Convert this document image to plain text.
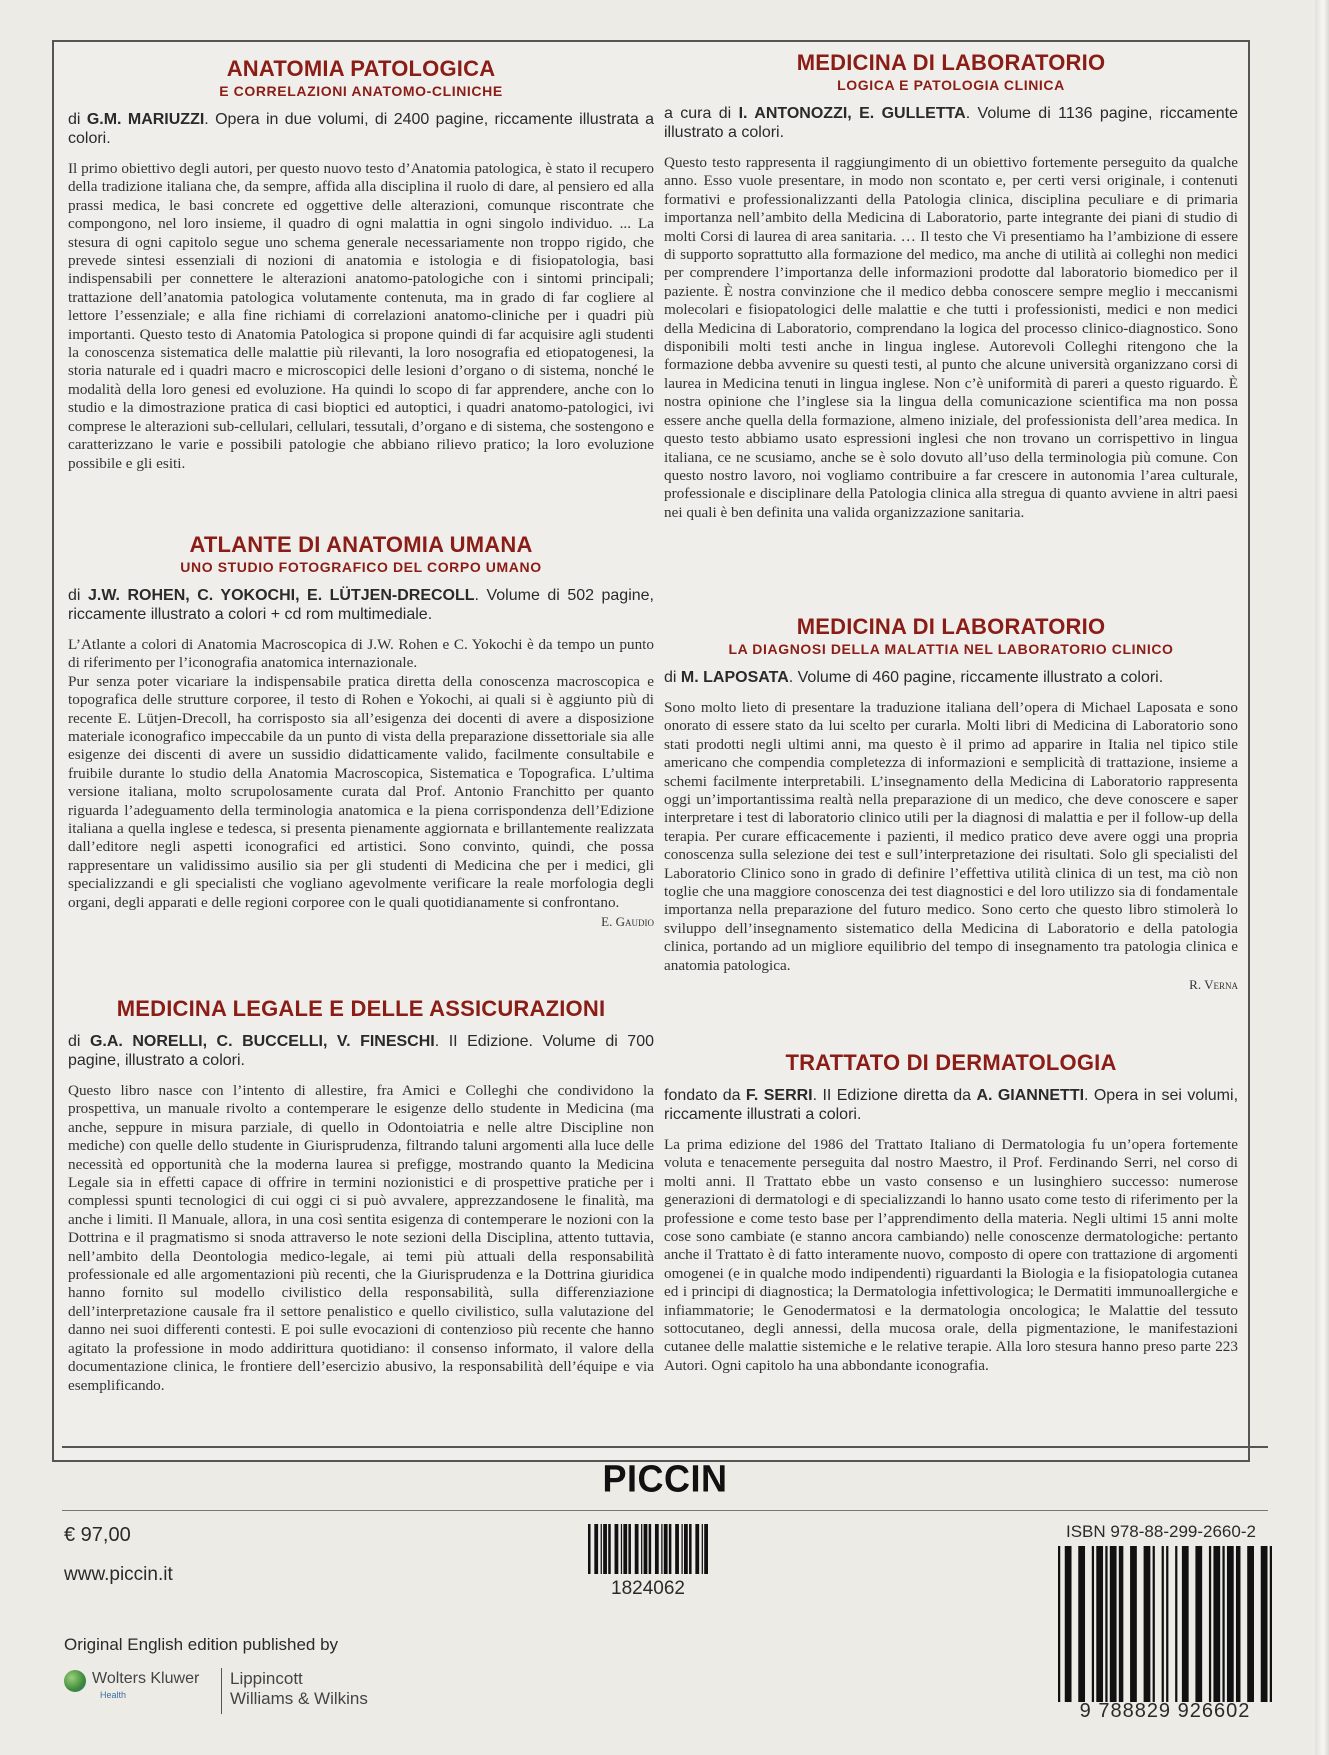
ANATOMIA PATOLOGICA
E CORRELAZIONI ANATOMO-CLINICHE
di G.M. MARIUZZI. Opera in due volumi, di 2400 pagine, riccamente illustrata a colori.
Il primo obiettivo degli autori, per questo nuovo testo d’Anatomia patologica, è stato il recupero della tradizione italiana che, da sempre, affida alla disciplina il ruolo di dare, al pensiero ed alla prassi medica, le basi concrete ed oggettive delle alterazioni, comunque riscontrate che compongono, nel loro insieme, il quadro di ogni malattia in ogni singolo individuo. ... La stesura di ogni capitolo segue uno schema generale necessariamente non troppo rigido, che prevede sintesi essenziali di nozioni di anatomia e istologia e di fisiopatologia, basi indispensabili per connettere le alterazioni anatomo-patologiche con i sintomi principali; trattazione dell’anatomia patologica volutamente contenuta, ma in grado di far cogliere al lettore l’essenziale; e alla fine richiami di correlazioni anatomo-cliniche per i quadri più importanti. Questo testo di Anatomia Patologica si propone quindi di far acquisire agli studenti la conoscenza sistematica delle malattie più rilevanti, la loro nosografia ed etiopatogenesi, la storia naturale ed i quadri macro e microscopici delle lesioni d’organo o di sistema, nonché le modalità della loro genesi ed evoluzione. Ha quindi lo scopo di far apprendere, anche con lo studio e la dimostrazione pratica di casi bioptici ed autoptici, i quadri anatomo-patologici, ivi comprese le alterazioni sub-cellulari, cellulari, tessutali, d’organo e di sistema, che sostengono e caratterizzano le varie e possibili patologie che abbiano rilievo pratico; la loro evoluzione possibile e gli esiti.
ATLANTE DI ANATOMIA UMANA
UNO STUDIO FOTOGRAFICO DEL CORPO UMANO
di J.W. ROHEN, C. YOKOCHI, E. LÜTJEN-DRECOLL. Volume di 502 pagine, riccamente illustrato a colori + cd rom multimediale.
L’Atlante a colori di Anatomia Macroscopica di J.W. Rohen e C. Yokochi è da tempo un punto di riferimento per l’iconografia anatomica internazionale.
Pur senza poter vicariare la indispensabile pratica diretta della conoscenza macroscopica e topografica delle strutture corporee, il testo di Rohen e Yokochi, ai quali si è aggiunto più di recente E. Lütjen-Drecoll, ha corrisposto sia all’esigenza dei docenti di avere a disposizione materiale iconografico impeccabile da un punto di vista della preparazione dissettoriale sia alle esigenze dei discenti di avere un sussidio didatticamente valido, facilmente consultabile e fruibile durante lo studio della Anatomia Macroscopica, Sistematica e Topografica. L’ultima versione italiana, molto scrupolosamente curata dal Prof. Antonio Franchitto per quanto riguarda l’adeguamento della terminologia anatomica e la piena corrispondenza dell’Edizione italiana a quella inglese e tedesca, si presenta pienamente aggiornata e brillantemente realizzata dall’editore negli aspetti iconografici ed artistici. Sono convinto, quindi, che possa rappresentare un validissimo ausilio sia per gli studenti di Medicina che per i medici, gli specializzandi e gli specialisti che vogliano agevolmente verificare la reale morfologia degli organi, degli apparati e delle regioni corporee con le quali quotidianamente si confrontano.
E. Gaudio
MEDICINA LEGALE E DELLE ASSICURAZIONI
di G.A. NORELLI, C. BUCCELLI, V. FINESCHI. II Edizione. Volume di 700 pagine, illustrato a colori.
Questo libro nasce con l’intento di allestire, fra Amici e Colleghi che condividono la prospettiva, un manuale rivolto a contemperare le esigenze dello studente in Medicina (ma anche, seppure in misura parziale, di quello in Odontoiatria e nelle altre Discipline non mediche) con quelle dello studente in Giurisprudenza, filtrando taluni argomenti alla luce delle necessità ed opportunità che la moderna laurea si prefigge, mostrando quanto la Medicina Legale sia in effetti capace di offrire in termini nozionistici e di prospettive pratiche per i complessi spunti tecnologici di cui oggi ci si può avvalere, apprezzandosene le finalità, ma anche i limiti. Il Manuale, allora, in una così sentita esigenza di contemperare le nozioni con la Dottrina e il pragmatismo si snoda attraverso le note sezioni della Disciplina, attento tuttavia, nell’ambito della Deontologia medico-legale, ai temi più attuali della responsabilità professionale ed alle argomentazioni più recenti, che la Giurisprudenza e la Dottrina giuridica hanno fornito sul modello civilistico della responsabilità, sulla differenziazione dell’interpretazione causale fra il settore penalistico e quello civilistico, sulla valutazione del danno nei suoi differenti contesti. E poi sulle evocazioni di contenzioso più recente che hanno agitato la professione in modo addirittura quotidiano: il consenso informato, il valore della documentazione clinica, le frontiere dell’esercizio abusivo, la responsabilità dell’équipe e via esemplificando.
MEDICINA DI LABORATORIO
LOGICA E PATOLOGIA CLINICA
a cura di I. ANTONOZZI, E. GULLETTA. Volume di 1136 pagine, riccamente illustrato a colori.
Questo testo rappresenta il raggiungimento di un obiettivo fortemente perseguito da qualche anno. Esso vuole presentare, in modo non scontato e, per certi versi originale, i contenuti formativi e professionalizzanti della Patologia clinica, disciplina peculiare e di primaria importanza nell’ambito della Medicina di Laboratorio, parte integrante dei piani di studio di molti Corsi di laurea di area sanitaria. … Il testo che Vi presentiamo ha l’ambizione di essere di supporto soprattutto alla formazione del medico, ma anche di utilità ai colleghi non medici per comprendere l’importanza delle informazioni prodotte dal laboratorio biomedico per il paziente. È nostra convinzione che il medico debba conoscere sempre meglio i meccanismi molecolari e fisiopatologici delle malattie e che tutti i professionisti, medici e non medici della Medicina di Laboratorio, comprendano la logica del processo clinico-diagnostico. Sono disponibili molti testi anche in lingua inglese. Autorevoli Colleghi ritengono che la formazione debba avvenire su questi testi, al punto che alcune università organizzano corsi di laurea in Medicina tenuti in lingua inglese. Non c’è uniformità di pareri a questo riguardo. È nostra opinione che l’inglese sia la lingua della comunicazione scientifica ma non possa essere anche quella della formazione, almeno iniziale, del professionista dell’area medica. In questo testo abbiamo usato espressioni inglesi che non trovano un corrispettivo in lingua italiana, ce ne scusiamo, anche se è solo dovuto all’uso della terminologia più comune. Con questo nostro lavoro, noi vogliamo contribuire a far crescere in autonomia l’area culturale, professionale e disciplinare della Patologia clinica alla stregua di quanto avviene in altri paesi nei quali è ben definita una valida organizzazione sanitaria.
MEDICINA DI LABORATORIO
LA DIAGNOSI DELLA MALATTIA NEL LABORATORIO CLINICO
di M. LAPOSATA. Volume di 460 pagine, riccamente illustrato a colori.
Sono molto lieto di presentare la traduzione italiana dell’opera di Michael Laposata e sono onorato di essere stato da lui scelto per curarla. Molti libri di Medicina di Laboratorio sono stati prodotti negli ultimi anni, ma questo è il primo ad apparire in Italia nel tipico stile americano che compendia completezza di informazioni e semplicità di trattazione, insieme a schemi facilmente interpretabili. L’insegnamento della Medicina di Laboratorio rappresenta oggi un’importantissima realtà nella preparazione di un medico, che deve conoscere e saper interpretare i test di laboratorio clinico utili per la diagnosi di malattia e per il follow-up della terapia. Per curare efficacemente i pazienti, il medico pratico deve avere oggi una propria conoscenza sulla selezione dei test e sull’interpretazione dei risultati. Solo gli specialisti del Laboratorio Clinico sono in grado di definire l’effettiva utilità clinica di un test, ma ciò non toglie che una maggiore conoscenza dei test diagnostici e del loro utilizzo sia di fondamentale importanza nella preparazione del futuro medico. Sono certo che questo libro stimolerà lo sviluppo dell’insegnamento sistematico della Medicina di Laboratorio e della patologia clinica, portando ad un migliore equilibrio del tempo di insegnamento tra patologia clinica e anatomia patologica.
R. Verna
TRATTATO DI DERMATOLOGIA
fondato da F. SERRI. II Edizione diretta da A. GIANNETTI. Opera in sei volumi, riccamente illustrati a colori.
La prima edizione del 1986 del Trattato Italiano di Dermatologia fu un’opera fortemente voluta e tenacemente perseguita dal nostro Maestro, il Prof. Ferdinando Serri, nel corso di molti anni. Il Trattato ebbe un vasto consenso e un lusinghiero successo: numerose generazioni di dermatologi e di specializzandi lo hanno usato come testo di riferimento per la professione e come testo base per l’apprendimento della materia. Negli ultimi 15 anni molte cose sono cambiate (e stanno ancora cambiando) nelle conoscenze dermatologiche: pertanto anche il Trattato è di fatto interamente nuovo, composto di opere con trattazione di argomenti omogenei (e in qualche modo indipendenti) riguardanti la Biologia e la fisiopatologia cutanea ed i principi di diagnostica; la Dermatologia infettivologica; le Dermatiti immunoallergiche e infiammatorie; le Genodermatosi e la dermatologia oncologica; le Malattie del tessuto sottocutaneo, degli annessi, della mucosa orale, della pigmentazione, le manifestazioni cutanee delle malattie sistemiche e le relative terapie. Alla loro stesura hanno preso parte 223 Autori. Ogni capitolo ha una abbondante iconografia.
PICCIN
€ 97,00
www.piccin.it
Original English edition published by
Wolters Kluwer
Health
Lippincott
Williams & Wilkins
1824062
ISBN 978-88-299-2660-2
9 788829 926602
